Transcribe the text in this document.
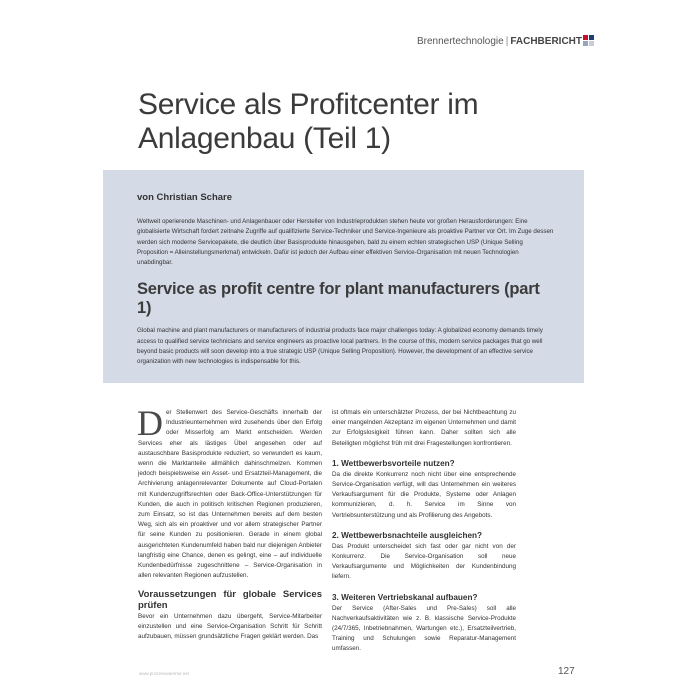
Brennertechnologie | FACHBERICHT
Service als Profitcenter im Anlagenbau (Teil 1)
von Christian Schare

Weltweit operierende Maschinen- und Anlagenbauer oder Hersteller von Industrieprodukten stehen heute vor großen Herausforderungen: Eine globalisierte Wirtschaft fordert zeitnahe Zugriffe auf qualifizierte Service-Techniker und Service-Ingenieure als proaktive Partner vor Ort. Im Zuge dessen werden sich moderne Servicepakete, die deutlich über Basisprodukte hinausgehen, bald zu einem echten strategischen USP (Unique Selling Proposition = Alleinstellungsmerkmal) entwickeln. Dafür ist jedoch der Aufbau einer effektiven Service-Organisation mit neuen Technologien unabdingbar.

Service as profit centre for plant manufacturers (part 1)

Global machine and plant manufacturers or manufacturers of industrial products face major challenges today: A globalized economy demands timely access to qualified service technicians and service engineers as proactive local partners. In the course of this, modern service packages that go well beyond basic products will soon develop into a true strategic USP (Unique Selling Proposition). However, the development of an effective service organization with new technologies is indispensable for this.

Der Stellenwert des Service-Geschäfts innerhalb der Industrieunternehmen wird zusehends über den Erfolg oder Misserfolg am Markt entscheiden. Werden Services eher als lästiges Übel angesehen oder auf austauschbare Basisprodukte reduziert, so verwundert es kaum, wenn die Marktanteile allmählich dahinschmelzen. Kommen jedoch beispielsweise ein Asset- und Ersatzteil-Management, die Archivierung anlagenrelevanter Dokumente auf Cloud-Portalen mit Kundenzugriffsrechten oder Back-Office-Unterstützungen für Kunden, die auch in politisch kritischen Regionen produzieren, zum Einsatz, so ist das Unternehmen bereits auf dem besten Weg, sich als ein proaktiver und vor allem strategischer Partner für seine Kunden zu positionieren. Gerade in einem global ausgerichteten Kundenumfeld haben bald nur diejenigen Anbieter langfristig eine Chance, denen es gelingt, eine – auf individuelle Kundenbedürfnisse zugeschnittene – Service-Organisation in allen relevanten Regionen aufzustellen.

Voraussetzungen für globale Services prüfen

Bevor ein Unternehmen dazu übergeht, Service-Mitarbeiter einzustellen und eine Service-Organisation Schritt für Schritt aufzubauen, müssen grundsätzliche Fragen geklärt werden. Das

ist oftmals ein unterschätzter Prozess, der bei Nichtbeachtung zu einer mangelnden Akzeptanz im eigenen Unternehmen und damit zur Erfolgslosigkeit führen kann. Daher sollten sich alle Beteiligten möglichst früh mit drei Fragestellungen konfrontieren.

1. Wettbewerbsvorteile nutzen?

Da die direkte Konkurrenz noch nicht über eine entsprechende Service-Organisation verfügt, will das Unternehmen ein weiteres Verkaufsargument für die Produkte, Systeme oder Anlagen kommunizieren, d. h. Service im Sinne von Vertriebsunterstützung und als Profilierung des Angebots.

2. Wettbewerbsnachteile ausgleichen?

Das Produkt unterscheidet sich fast oder gar nicht von der Konkurrenz. Die Service-Organisation soll neue Verkaufsargumente und Möglichkeiten der Kundenbindung liefern.

3. Weiteren Vertriebskanal aufbauen?

Der Service (After-Sales und Pre-Sales) soll alle Nachverkaufsaktivitäten wie z. B. klassische Service-Produkte (24/7/365, Inbetriebnahmen, Wartungen etc.), Ersatzteilvertrieb, Training und Schulungen sowie Reparatur-Management umfassen.

www.prozesswaerme.net	127
